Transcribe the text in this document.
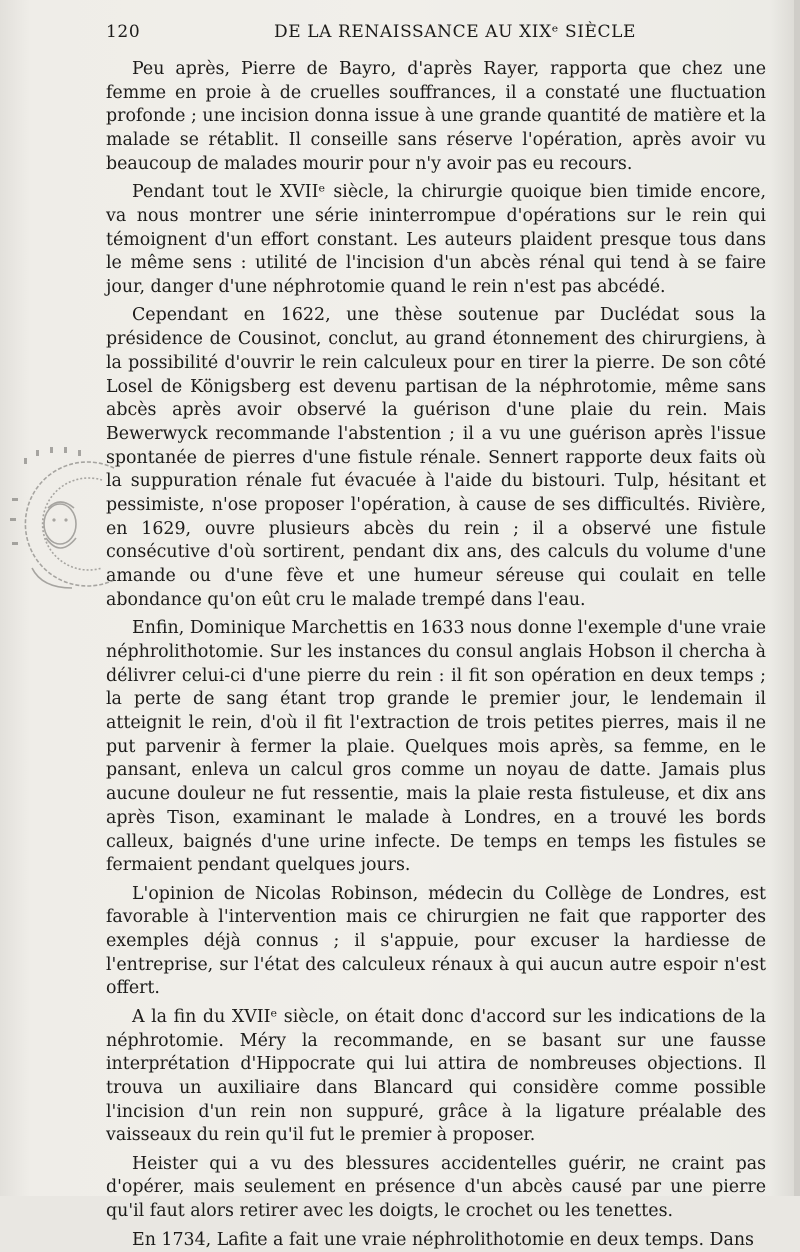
120	DE LA RENAISSANCE AU XIXᵉ SIÈCLE

Peu après, Pierre de Bayro, d'après Rayer, rapporta que chez une femme en proie à de cruelles souffrances, il a constaté une fluctuation profonde ; une incision donna issue à une grande quantité de matière et la malade se rétablit. Il conseille sans réserve l'opération, après avoir vu beaucoup de malades mourir pour n'y avoir pas eu recours.

Pendant tout le XVIIᵉ siècle, la chirurgie quoique bien timide encore, va nous montrer une série ininterrompue d'opérations sur le rein qui témoignent d'un effort constant. Les auteurs plaident presque tous dans le même sens : utilité de l'incision d'un abcès rénal qui tend à se faire jour, danger d'une néphrotomie quand le rein n'est pas abcédé.

Cependant en 1622, une thèse soutenue par Duclédat sous la présidence de Cousinot, conclut, au grand étonnement des chirurgiens, à la possibilité d'ouvrir le rein calculeux pour en tirer la pierre. De son côté Losel de Königsberg est devenu partisan de la néphrotomie, même sans abcès après avoir observé la guérison d'une plaie du rein. Mais Bewerwyck recommande l'abstention ; il a vu une guérison après l'issue spontanée de pierres d'une fistule rénale. Sennert rapporte deux faits où la suppuration rénale fut évacuée à l'aide du bistouri. Tulp, hésitant et pessimiste, n'ose proposer l'opération, à cause de ses difficultés. Rivière, en 1629, ouvre plusieurs abcès du rein ; il a observé une fistule consécutive d'où sortirent, pendant dix ans, des calculs du volume d'une amande ou d'une fève et une humeur séreuse qui coulait en telle abondance qu'on eût cru le malade trempé dans l'eau.

Enfin, Dominique Marchettis en 1633 nous donne l'exemple d'une vraie néphrolithotomie. Sur les instances du consul anglais Hobson il chercha à délivrer celui-ci d'une pierre du rein : il fit son opération en deux temps ; la perte de sang étant trop grande le premier jour, le lendemain il atteignit le rein, d'où il fit l'extraction de trois petites pierres, mais il ne put parvenir à fermer la plaie. Quelques mois après, sa femme, en le pansant, enleva un calcul gros comme un noyau de datte. Jamais plus aucune douleur ne fut ressentie, mais la plaie resta fistuleuse, et dix ans après Tison, examinant le malade à Londres, en a trouvé les bords calleux, baignés d'une urine infecte. De temps en temps les fistules se fermaient pendant quelques jours.

L'opinion de Nicolas Robinson, médecin du Collège de Londres, est favorable à l'intervention mais ce chirurgien ne fait que rapporter des exemples déjà connus ; il s'appuie, pour excuser la hardiesse de l'entreprise, sur l'état des calculeux rénaux à qui aucun autre espoir n'est offert.

A la fin du XVIIᵉ siècle, on était donc d'accord sur les indications de la néphrotomie. Méry la recommande, en se basant sur une fausse interprétation d'Hippocrate qui lui attira de nombreuses objections. Il trouva un auxiliaire dans Blancard qui considère comme possible l'incision d'un rein non suppuré, grâce à la ligature préalable des vaisseaux du rein qu'il fut le premier à proposer.

Heister qui a vu des blessures accidentelles guérir, ne craint pas d'opérer, mais seulement en présence d'un abcès causé par une pierre qu'il faut alors retirer avec les doigts, le crochet ou les tenettes.

En 1734, Lafite a fait une vraie néphrolithotomie en deux temps. Dans
